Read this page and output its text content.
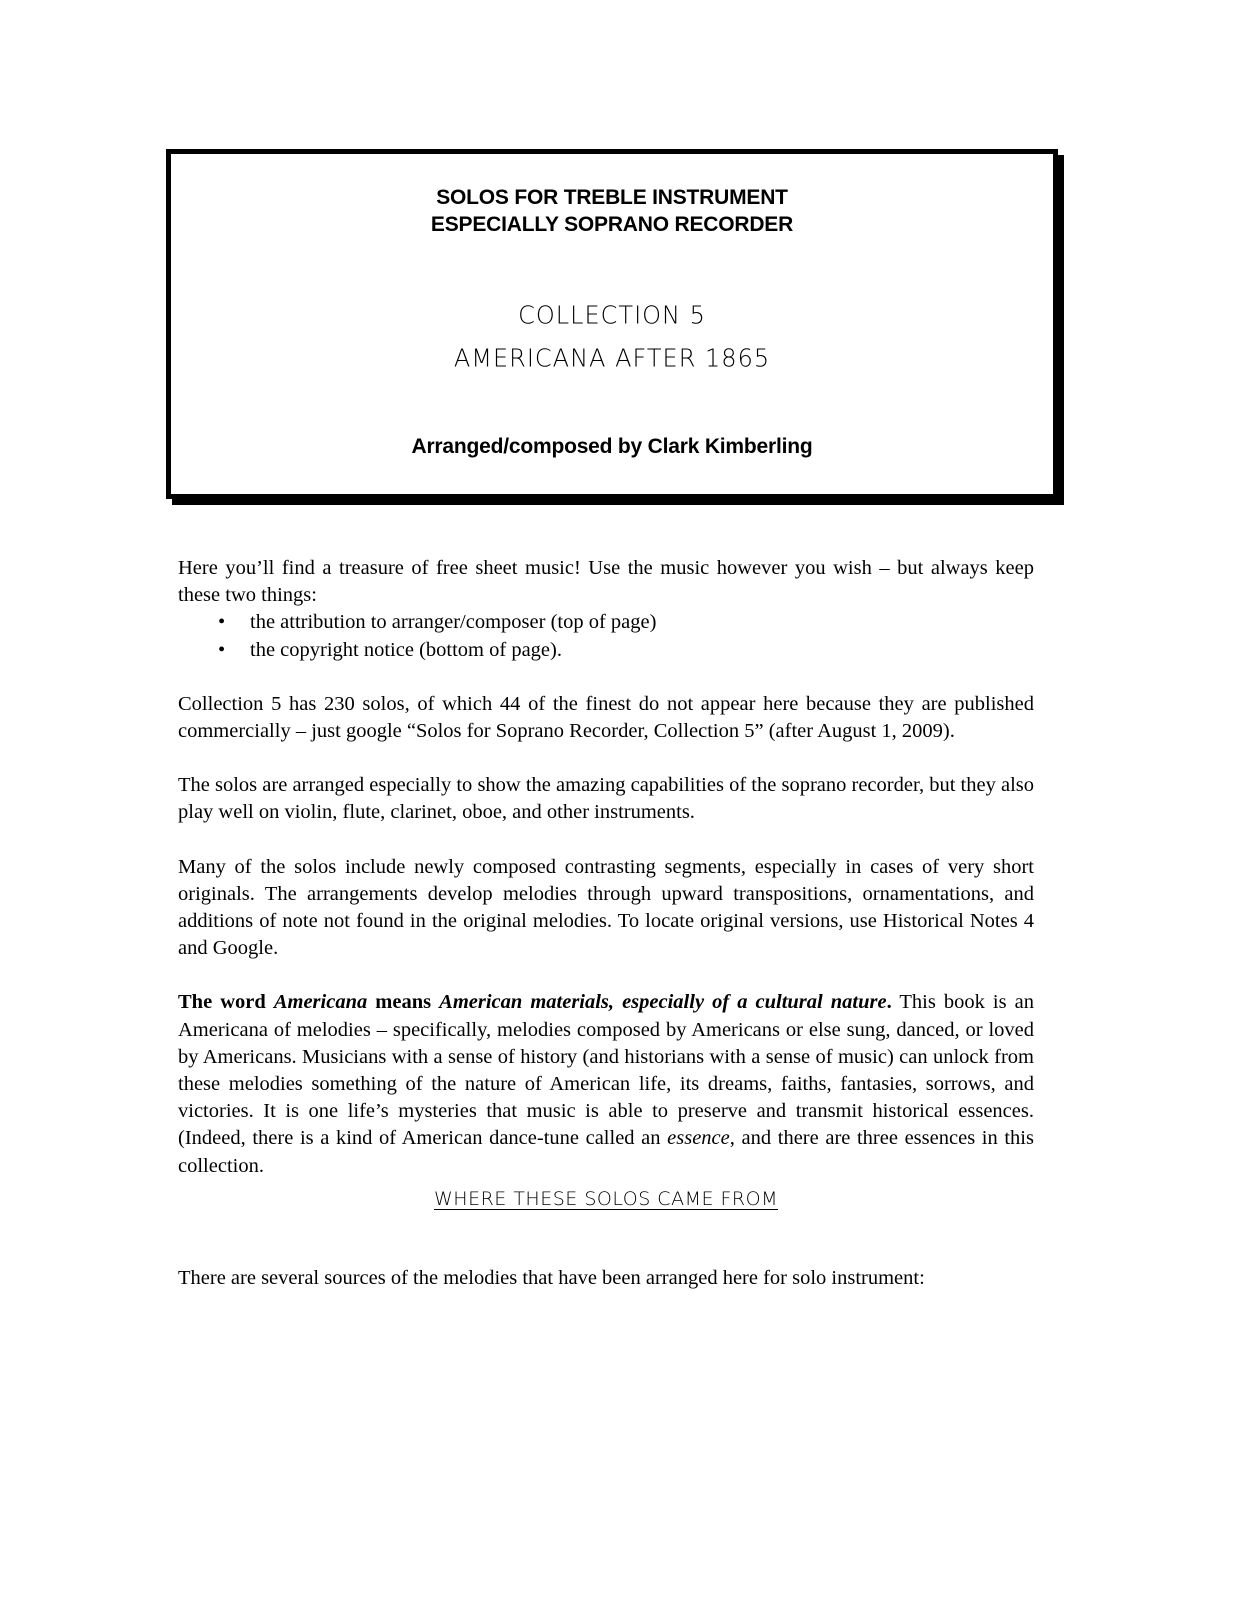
SOLOS FOR TREBLE INSTRUMENT
ESPECIALLY SOPRANO RECORDER
COLLECTION 5
AMERICANA AFTER 1865
Arranged/composed by Clark Kimberling

Here you’ll find a treasure of free sheet music! Use the music however you wish – but always keep these two things:

• the attribution to arranger/composer (top of page)
• the copyright notice (bottom of page).

Collection 5 has 230 solos, of which 44 of the finest do not appear here because they are published commercially – just google “Solos for Soprano Recorder, Collection 5” (after August 1, 2009).

The solos are arranged especially to show the amazing capabilities of the soprano recorder, but they also play well on violin, flute, clarinet, oboe, and other instruments.

Many of the solos include newly composed contrasting segments, especially in cases of very short originals. The arrangements develop melodies through upward transpositions, ornamentations, and additions of note not found in the original melodies. To locate original versions, use Historical Notes 4 and Google.

The word Americana means American materials, especially of a cultural nature. This book is an Americana of melodies – specifically, melodies composed by Americans or else sung, danced, or loved by Americans. Musicians with a sense of history (and historians with a sense of music) can unlock from these melodies something of the nature of American life, its dreams, faiths, fantasies, sorrows, and victories. It is one life’s mysteries that music is able to preserve and transmit historical essences. (Indeed, there is a kind of American dance-tune called an essence, and there are three essences in this collection.

WHERE THESE SOLOS CAME FROM

There are several sources of the melodies that have been arranged here for solo instrument:
